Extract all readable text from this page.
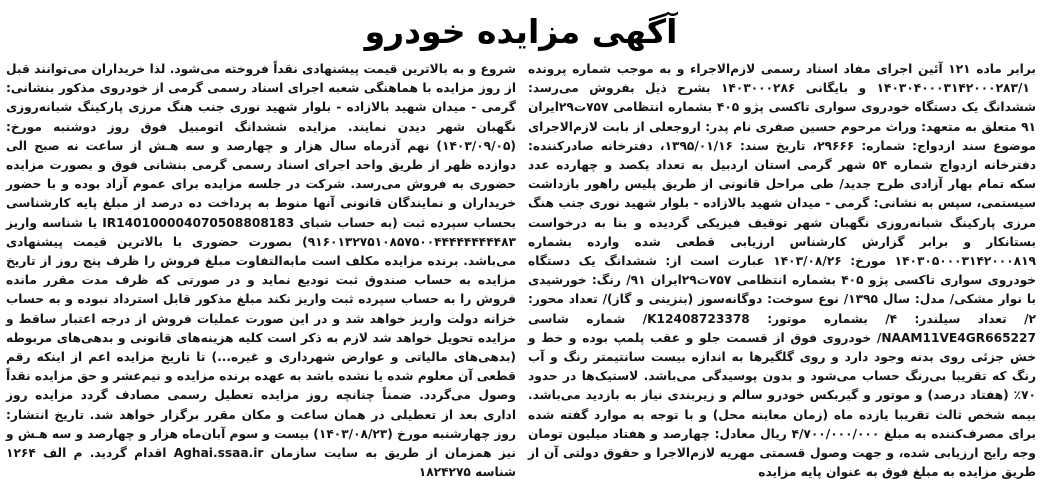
آگهی مزایده خودرو
برابر ماده ۱۲۱ آئین اجرای مفاد اسناد رسمی لازم‌الاجراء و به موجب شماره پرونده ۱۴۰۳۰۴۰۰۰۳۱۴۲۰۰۰۲۸۳/۱ و بایگانی ۱۴۰۳۰۰۰۲۸۶ بشرح ذیل بفروش می‌رسد: ششدانگ یک دستگاه خودروی سواری تاکسی پژو ۴۰۵ بشماره انتظامی ۷۵۷ت۲۹ایران ۹۱ متعلق به متعهد: وراث مرحوم حسین صفری نام پدر: اروجعلی از بابت لازم‌الاجرای موضوع سند ازدواج: شماره: ۲۹۶۶۶، تاریخ سند: ۱۳۹۵/۰۱/۱۶، دفترخانه صادرکننده: دفترخانه ازدواج شماره ۵۴ شهر گرمی استان اردبیل به تعداد یکصد و چهارده عدد سکه تمام بهار آزادی طرح جدید/ طی مراحل قانونی از طریق پلیس راهور بازداشت سیستمی، سپس به نشانی: گرمی - میدان شهید بالازاده - بلوار شهید نوری جنب هنگ مرزی پارکینگ شبانه‌روزی نگهبان شهر توقیف فیزیکی گردیده و بنا به درخواست بستانکار و برابر گزارش کارشناس ارزیابی قطعی شده وارده بشماره ۱۴۰۳۰۵۰۰۰۳۱۴۲۰۰۰۸۱۹ مورخ: ۱۴۰۳/۰۸/۲۶ عبارت است از: ششدانگ یک دستگاه خودروی سواری تاکسی پژو ۴۰۵ بشماره انتظامی ۷۵۷ت۲۹ایران ۹۱/ رنگ: خورشیدی با نوار مشکی/ مدل: سال ۱۳۹۵/ نوع سوخت: دوگانه‌سوز (بنزینی و گاز)/ تعداد محور: ۲/ تعداد سیلندر: ۴/ بشماره موتور: K12408723378/ شماره شاسی NAAM11VE4GR665227/ خودروی فوق از قسمت جلو و عقب پلمپ بوده و خط و خش جزئی روی بدنه وجود دارد و روی گلگیرها به اندازه بیست سانتیمتر رنگ و آب رنگ که تقریبا بی‌رنگ حساب می‌شود و بدون پوسیدگی می‌باشد. لاستیک‌ها در حدود ۷۰٪ (هفتاد درصد) و موتور و گیربکس خودرو سالم و زیربندی نیاز به بازدید می‌باشد. بیمه شخص ثالث تقریبا یازده ماه (زمان معاینه محل) و با توجه به موارد گفته شده برای مصرف‌کننده به مبلغ ۴/۷۰۰/۰۰۰/۰۰۰ ریال معادل: چهارصد و هفتاد میلیون تومان وجه رایج ارزیابی شده، و جهت وصول قسمتی مهریه لازم‌الاجرا و حقوق دولتی آن از طریق مزایده به مبلغ فوق به عنوان پایه مزایده
شروع و به بالاترین قیمت پیشنهادی نقداً فروخته می‌شود. لذا خریداران می‌توانند قبل از روز مزایده با هماهنگی شعبه اجرای اسناد رسمی گرمی از خودروی مذکور بنشانی: گرمی - میدان شهید بالازاده - بلوار شهید نوری جنب هنگ مرزی پارکینگ شبانه‌روزی نگهبان شهر دیدن نمایند. مزایده ششدانگ اتومبیل فوق روز دوشنبه مورخ: (۱۴۰۳/۰۹/۰۵) نهم آذرماه سال هزار و چهارصد و سه هـش از ساعت نه صبح الی دوازده ظهر از طریق واحد اجرای اسناد رسمی گرمی بنشانی فوق و بصورت مزایده حضوری به فروش می‌رسد. شرکت در جلسه مزایده برای عموم آزاد بوده و با حضور خریداران و نمایندگان قانونی آنها منوط به پرداخت ده درصد از مبلغ پایه کارشناسی بحساب سپرده ثبت (به حساب شبای IR140100004070508808183 یا شناسه واریز ۹۱۶۰۱۳۲۷۵۱۰۸۵۷۵۰۰۴۴۴۴۴۴۴۴۴۸۳) بصورت حضوری با بالاترین قیمت پیشنهادی می‌باشد. برنده مزایده مکلف است مابه‌التفاوت مبلغ فروش را ظرف پنج روز از تاریخ مزایده به حساب صندوق ثبت تودیع نماید و در صورتی که ظرف مدت مقرر مانده فروش را به حساب سپرده ثبت واریز نکند مبلغ مذکور قابل استرداد نبوده و به حساب خزانه دولت واریز خواهد شد و در این صورت عملیات فروش از درجه اعتبار ساقط و مزایده تحویل خواهد شد لازم به ذکر است کلیه هزینه‌های قانونی و بدهی‌های مربوطه (بدهی‌های مالیاتی و عوارض شهرداری و غیره...) تا تاریخ مزایده اعم از اینکه رقم قطعی آن معلوم شده یا نشده باشد به عهده برنده مزایده و نیم‌عشر و حق مزایده نقداً وصول می‌گردد. ضمناً چنانچه روز مزایده تعطیل رسمی مصادف گردد مزایده روز اداری بعد از تعطیلی در همان ساعت و مکان مقرر برگزار خواهد شد. تاریخ انتشار: روز چهارشنبه مورخ (۱۴۰۳/۰۸/۲۳) بیست و سوم آبان‌ماه هزار و چهارصد و سه هـش و نیز همزمان از طریق به سایت سازمان Aghai.ssaa.ir اقدام گردید. م الف ۱۲۶۴ شناسه ۱۸۲۴۲۷۵
